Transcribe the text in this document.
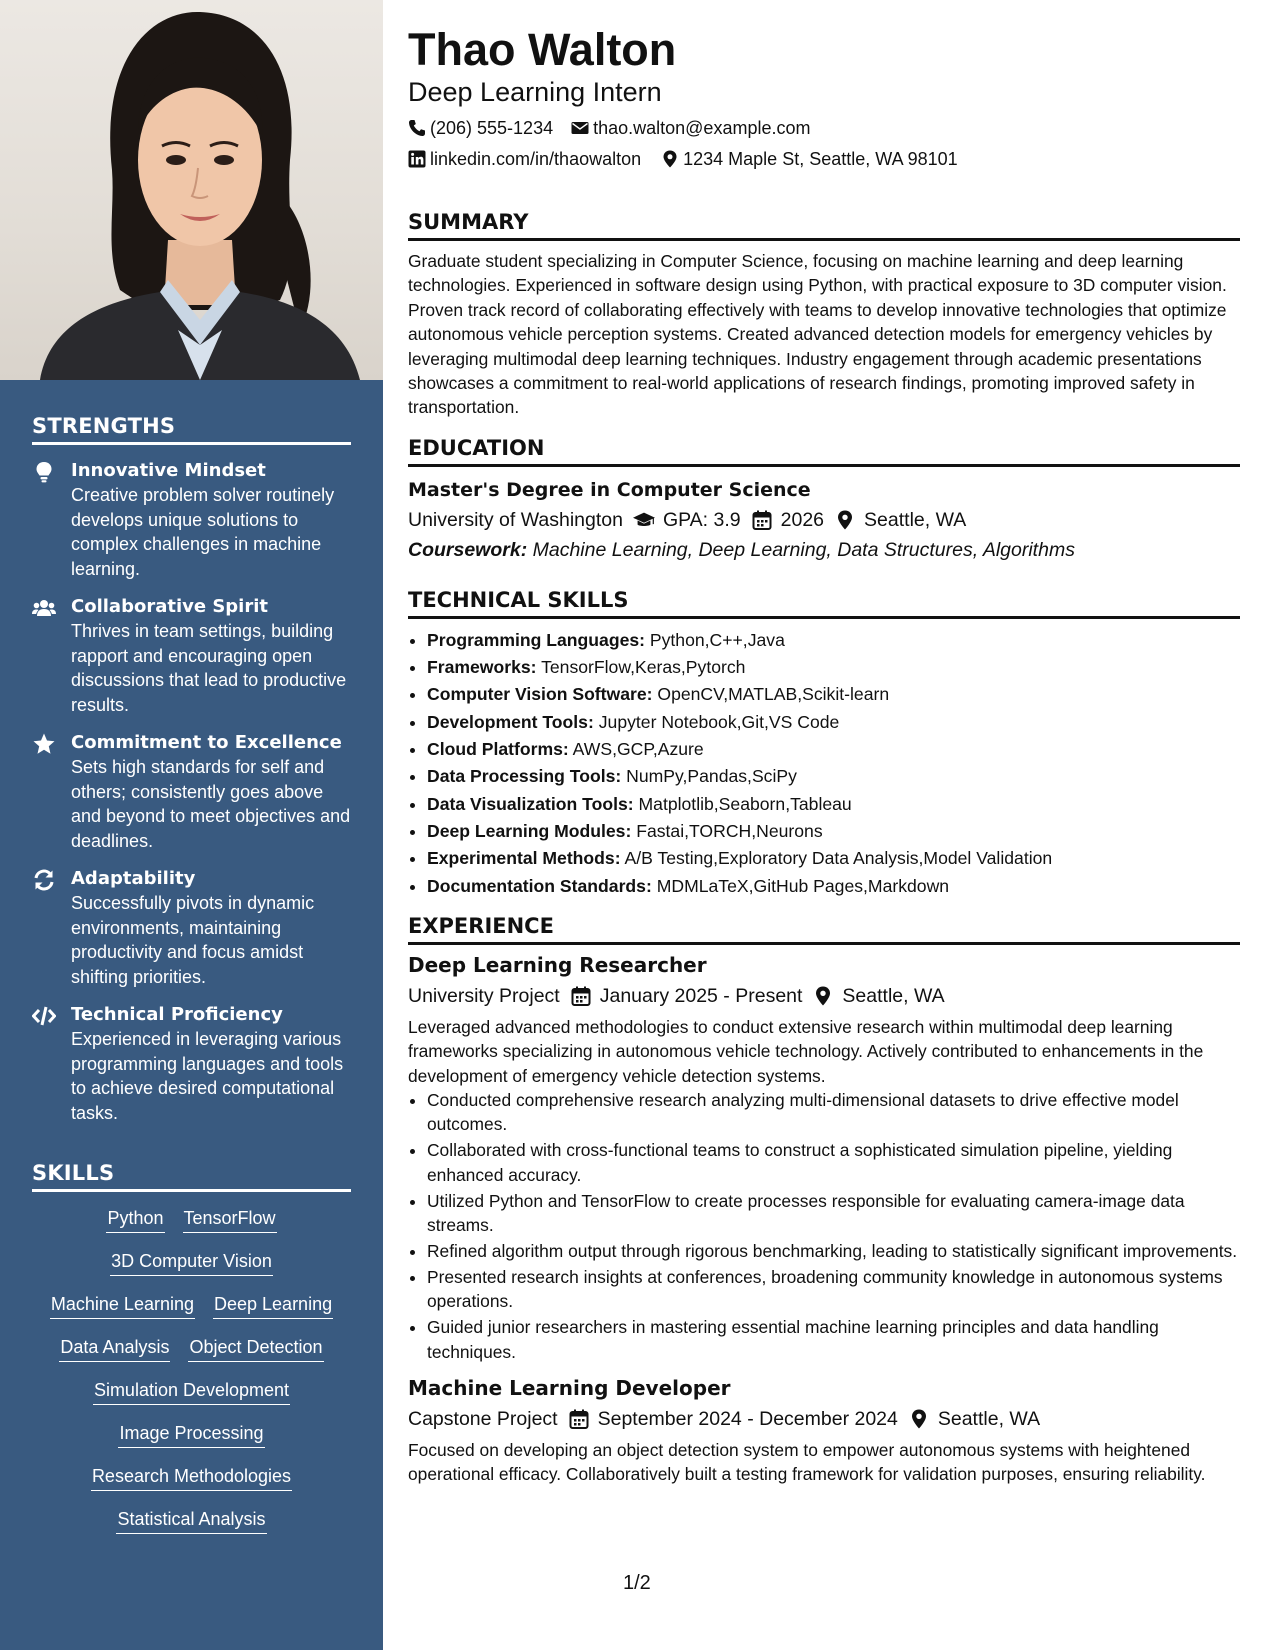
STRENGTHS
Innovative Mindset
Creative problem solver routinely develops unique solutions to complex challenges in machine learning.
Collaborative Spirit
Thrives in team settings, building rapport and encouraging open discussions that lead to productive results.
Commitment to Excellence
Sets high standards for self and others; consistently goes above and beyond to meet objectives and deadlines.
Adaptability
Successfully pivots in dynamic environments, maintaining productivity and focus amidst shifting priorities.
Technical Proficiency
Experienced in leveraging various programming languages and tools to achieve desired computational tasks.
SKILLS
Python TensorFlow
3D Computer Vision
Machine Learning Deep Learning
Data Analysis Object Detection
Simulation Development
Image Processing
Research Methodologies
Statistical Analysis
Thao Walton
Deep Learning Intern
(206) 555-1234 thao.walton@example.com
linkedin.com/in/thaowalton 1234 Maple St, Seattle, WA 98101
SUMMARY
Graduate student specializing in Computer Science, focusing on machine learning and deep learning technologies. Experienced in software design using Python, with practical exposure to 3D computer vision. Proven track record of collaborating effectively with teams to develop innovative technologies that optimize autonomous vehicle perception systems. Created advanced detection models for emergency vehicles by leveraging multimodal deep learning techniques. Industry engagement through academic presentations showcases a commitment to real-world applications of research findings, promoting improved safety in transportation.
EDUCATION
Master's Degree in Computer Science
University of Washington GPA: 3.9 2026 Seattle, WA
Coursework: Machine Learning, Deep Learning, Data Structures, Algorithms
TECHNICAL SKILLS
• Programming Languages: Python,C++,Java
• Frameworks: TensorFlow,Keras,Pytorch
• Computer Vision Software: OpenCV,MATLAB,Scikit-learn
• Development Tools: Jupyter Notebook,Git,VS Code
• Cloud Platforms: AWS,GCP,Azure
• Data Processing Tools: NumPy,Pandas,SciPy
• Data Visualization Tools: Matplotlib,Seaborn,Tableau
• Deep Learning Modules: Fastai,TORCH,Neurons
• Experimental Methods: A/B Testing,Exploratory Data Analysis,Model Validation
• Documentation Standards: MDMLaTeX,GitHub Pages,Markdown
EXPERIENCE
Deep Learning Researcher
University Project January 2025 - Present Seattle, WA
Leveraged advanced methodologies to conduct extensive research within multimodal deep learning frameworks specializing in autonomous vehicle technology. Actively contributed to enhancements in the development of emergency vehicle detection systems.
• Conducted comprehensive research analyzing multi-dimensional datasets to drive effective model outcomes.
• Collaborated with cross-functional teams to construct a sophisticated simulation pipeline, yielding enhanced accuracy.
• Utilized Python and TensorFlow to create processes responsible for evaluating camera-image data streams.
• Refined algorithm output through rigorous benchmarking, leading to statistically significant improvements.
• Presented research insights at conferences, broadening community knowledge in autonomous systems operations.
• Guided junior researchers in mastering essential machine learning principles and data handling techniques.
Machine Learning Developer
Capstone Project September 2024 - December 2024 Seattle, WA
Focused on developing an object detection system to empower autonomous systems with heightened operational efficacy. Collaboratively built a testing framework for validation purposes, ensuring reliability.
1/2
